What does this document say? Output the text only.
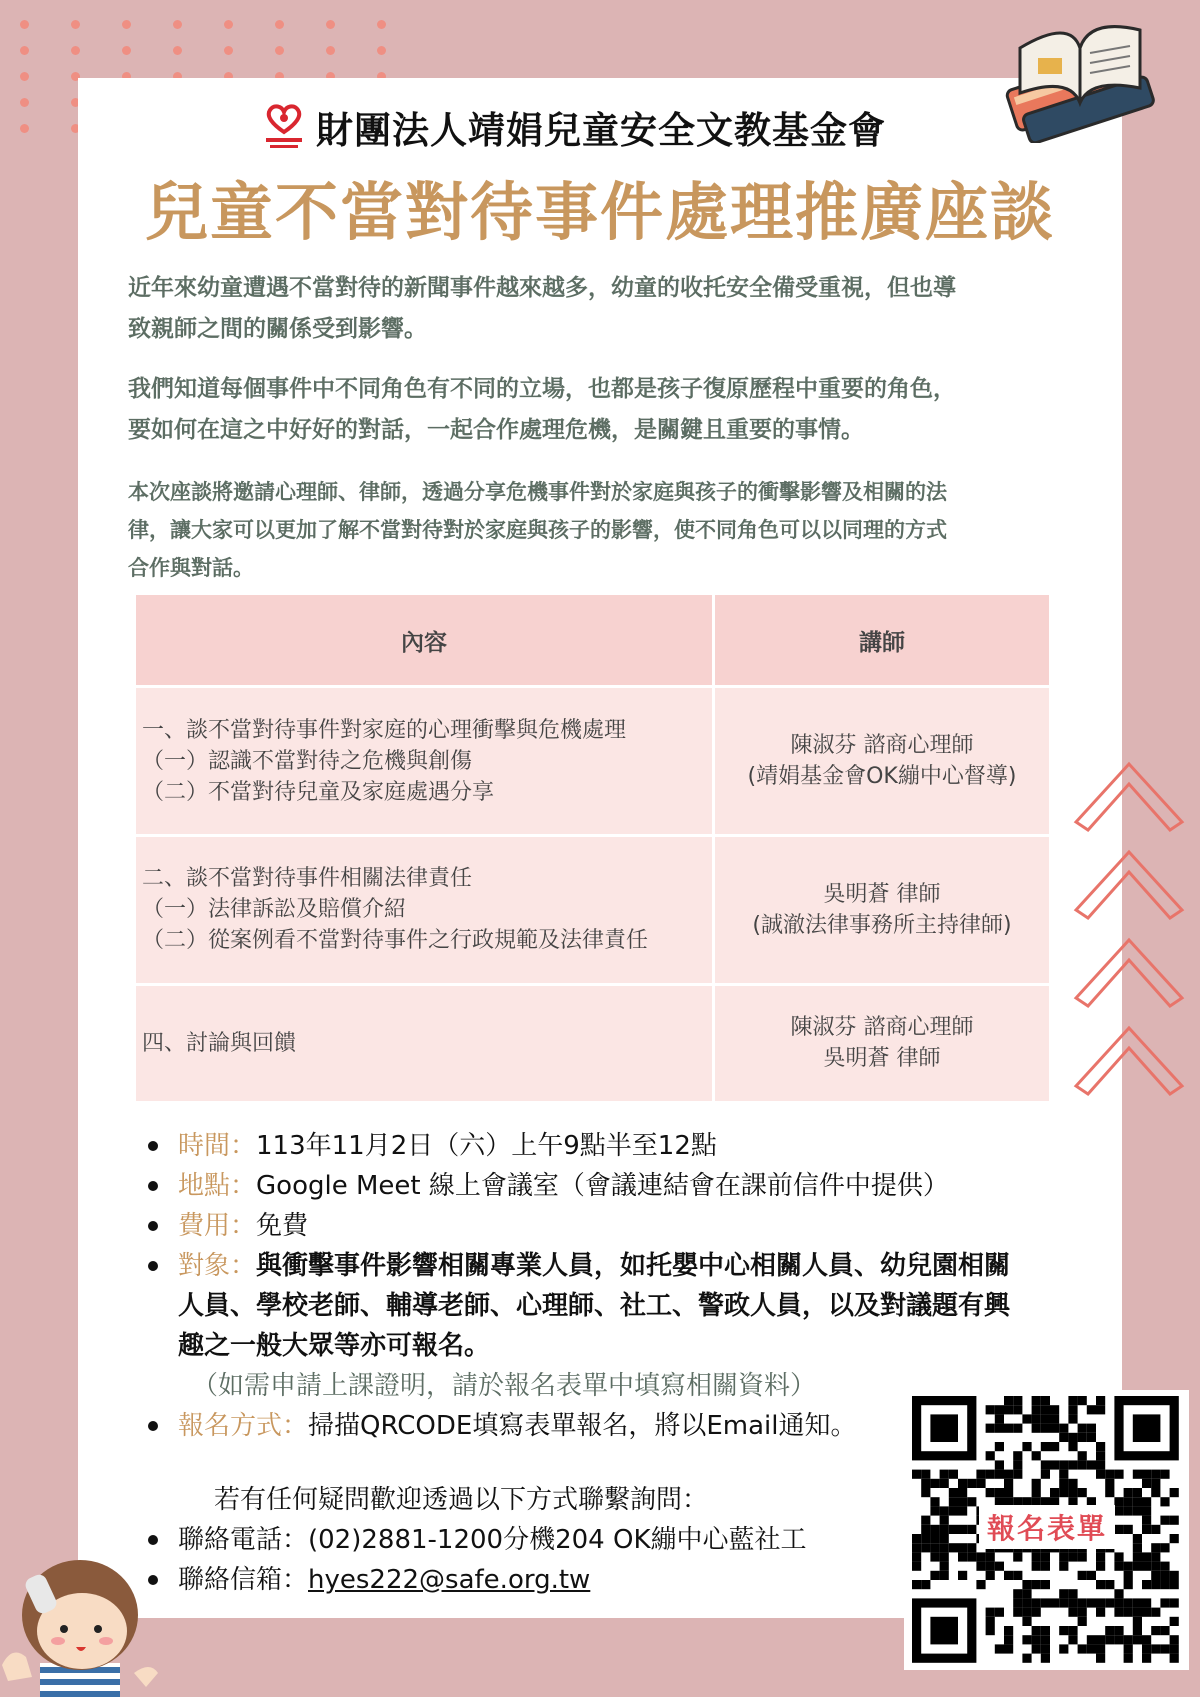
財團法人靖娟兒童安全文教基金會
兒童不當對待事件處理推廣座談
近年來幼童遭遇不當對待的新聞事件越來越多，幼童的收托安全備受重視，但也導
致親師之間的關係受到影響。
我們知道每個事件中不同角色有不同的立場，也都是孩子復原歷程中重要的角色，
要如何在這之中好好的對話，一起合作處理危機，是關鍵且重要的事情。
本次座談將邀請心理師、律師，透過分享危機事件對於家庭與孩子的衝擊影響及相關的法
律，讓大家可以更加了解不當對待對於家庭與孩子的影響，使不同角色可以以同理的方式
合作與對話。
內容	講師

一、談不當對待事件對家庭的心理衝擊與危機處理
（一）認識不當對待之危機與創傷
（二）不當對待兒童及家庭處遇分享	陳淑芬 諮商心理師
(靖娟基金會OK繃中心督導)

二、談不當對待事件相關法律責任
（一）法律訴訟及賠償介紹
（二）從案例看不當對待事件之行政規範及法律責任	吳明蒼 律師
(誠澈法律事務所主持律師)

四、討論與回饋	陳淑芬 諮商心理師
吳明蒼 律師
時間：113年11月2日（六）上午9點半至12點
地點：Google Meet 線上會議室（會議連結會在課前信件中提供）
費用：免費
對象：與衝擊事件影響相關專業人員，如托嬰中心相關人員、幼兒園相關
人員、學校老師、輔導老師、心理師、社工、警政人員，以及對議題有興
趣之一般大眾等亦可報名。
（如需申請上課證明，請於報名表單中填寫相關資料）
報名方式：掃描QRCODE填寫表單報名，將以Email通知。
若有任何疑問歡迎透過以下方式聯繫詢問：
聯絡電話：(02)2881-1200分機204 OK繃中心藍社工
聯絡信箱：hyes222@safe.org.tw
報名表單
